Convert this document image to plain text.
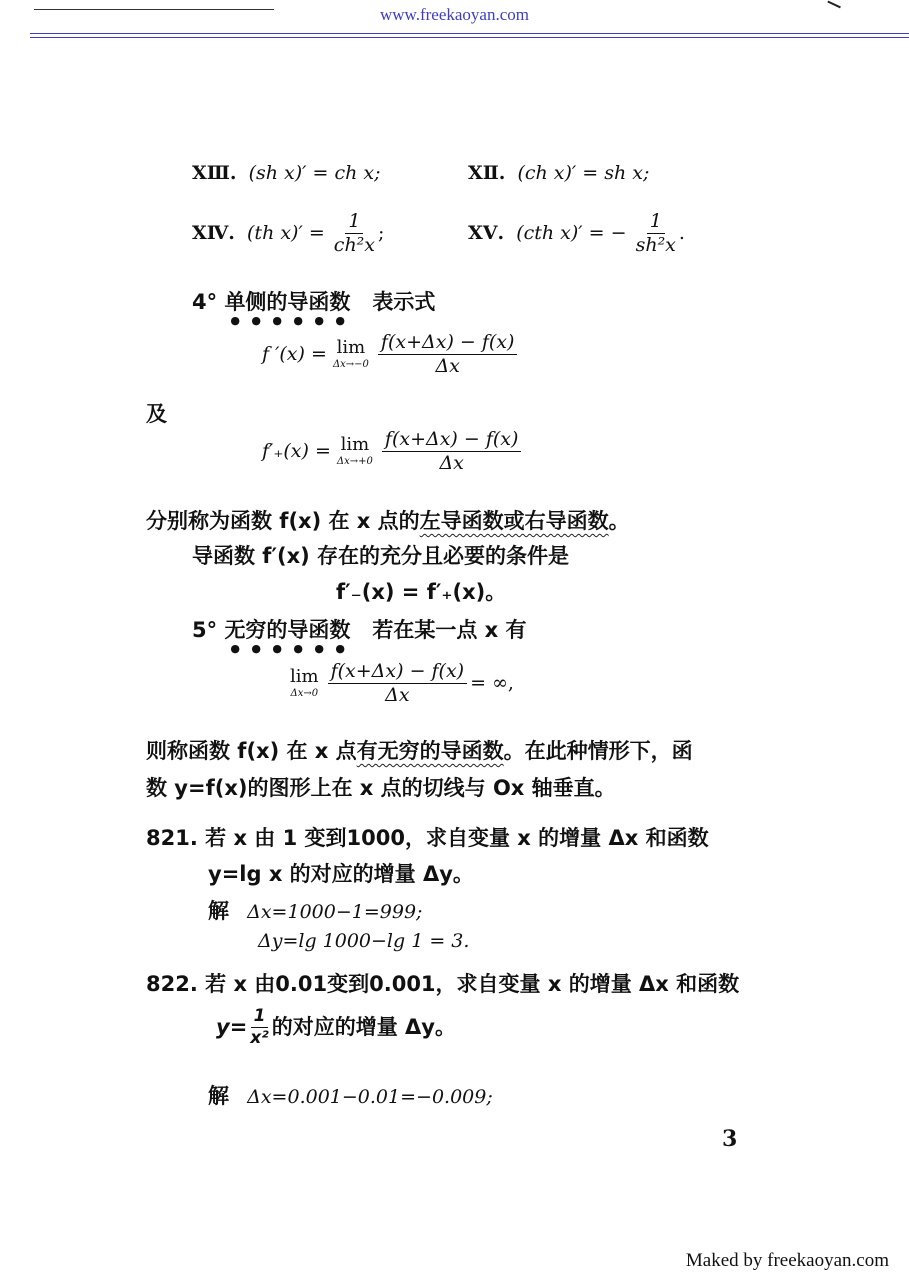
www.freekaoyan.com
XⅢ. (sh x)′ = ch x;	XⅡ. (ch x)′ = sh x;
XⅣ. (th $x)' = \frac{1}{\text{ch²x}}$ ;	XⅤ. (cth x)′ = − $\frac{1}{\text{sh²x}}$ .
4° 单侧的导函数 表示式
f ′(x) = lim
$\Delta x\to-0 \frac{f(x+\Delta x) - f(x)}{\Delta x}$
及
f′₊(x) = lim
$\Delta x\to+0 \frac{f(x+\Delta x) - f(x)}{\Delta x}$
分别称为函数 f(x) 在 x 点的左导函数或右导函数。
导函数 f′(x) 存在的充分且必要的条件是
f′₋(x) = f′₊(x)。
5° 无穷的导函数 若在某一点 x 有
lim
$\Delta x\to 0 \frac{f(x+\Delta x) - f(x)}{\Delta x}$ = ∞,
则称函数 f(x) 在 x 点有无穷的导函数。在此种情形下，函
数 y=f(x)的图形上在 x 点的切线与 Ox 轴垂直。
821. 若 x 由 1 变到1000，求自变量 x 的增量 Δx 和函数
y=lg x 的对应的增量 Δy。
解 Δx=1000−1=999;
Δy=lg 1000−lg 1 = 3.
822. 若 x 由0.01变到0.001，求自变量 x 的增量 Δx 和函数
$y= \frac{1}{\text{x²}}$ 的对应的增量 Δy。
解 Δx=0.001−0.01=−0.009;
3
Maked by freekaoyan.com
